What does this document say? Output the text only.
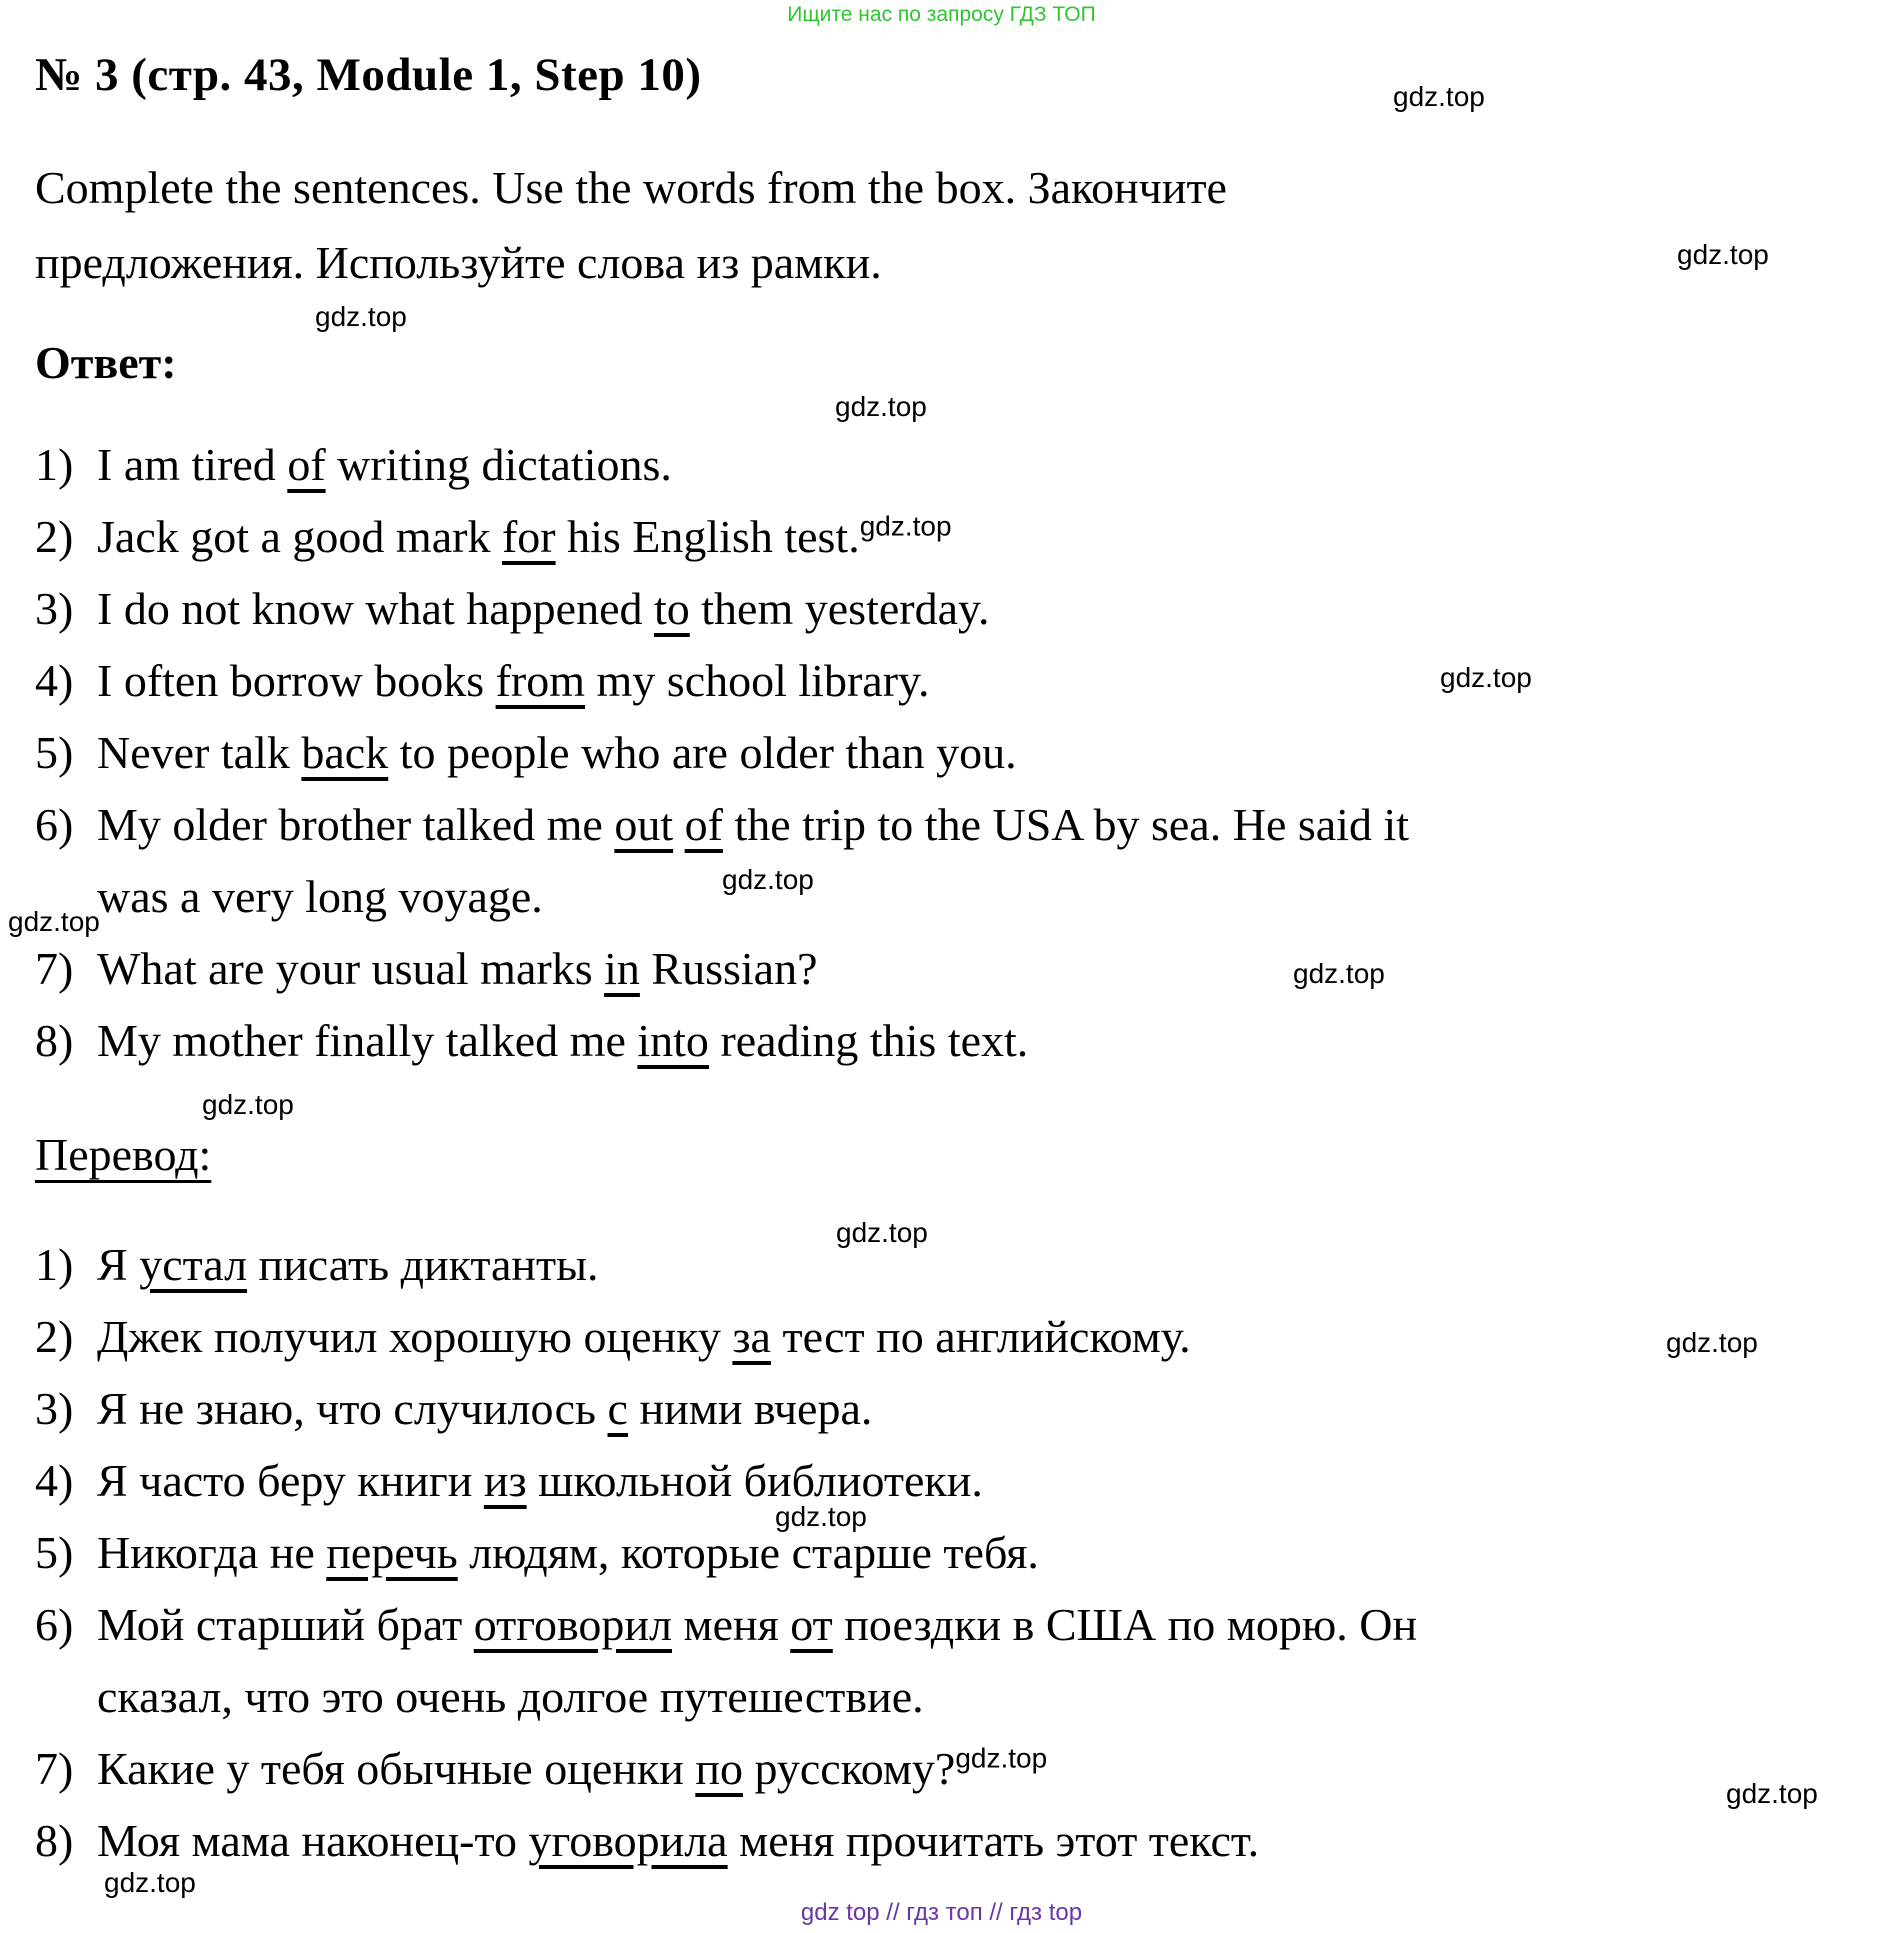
Ищите нас по запросу ГДЗ ТОП
№ 3 (стр. 43, Module 1, Step 10)
Complete the sentences. Use the words from the box. Закончите
предложения. Используйте слова из рамки.
Ответ:
1) I am tired of writing dictations.
2) Jack got a good mark for his English test.$^{gdz.top}$
3) I do not know what happened to them yesterday.
4) I often borrow books from my school library.
5) Never talk back to people who are older than you.
6) My older brother talked me out of the trip to the USA by sea. He said it
was a very long voyage.
7) What are your usual marks in Russian?
8) My mother finally talked me into reading this text.
Перевод:
1) Я устал писать диктанты.
2) Джек получил хорошую оценку за тест по английскому.
3) Я не знаю, что случилось с ними вчера.
4) Я часто беру книги из школьной библиотеки.
5) Никогда не перечь людям, которые старше тебя.
6) Мой старший брат отговорил меня от поездки в США по морю. Он
сказал, что это очень долгое путешествие.
7) Какие у тебя обычные оценки по русскому?$^{gdz.top}$
8) Моя мама наконец-то уговорила меня прочитать этот текст.
gdz.top
gdz.top
gdz.top
gdz.top
gdz.top
gdz.top
gdz.top
gdz.top
gdz.top
gdz.top
gdz.top
gdz.top
gdz.top
gdz.top
gdz top // гдз топ // гдз top
